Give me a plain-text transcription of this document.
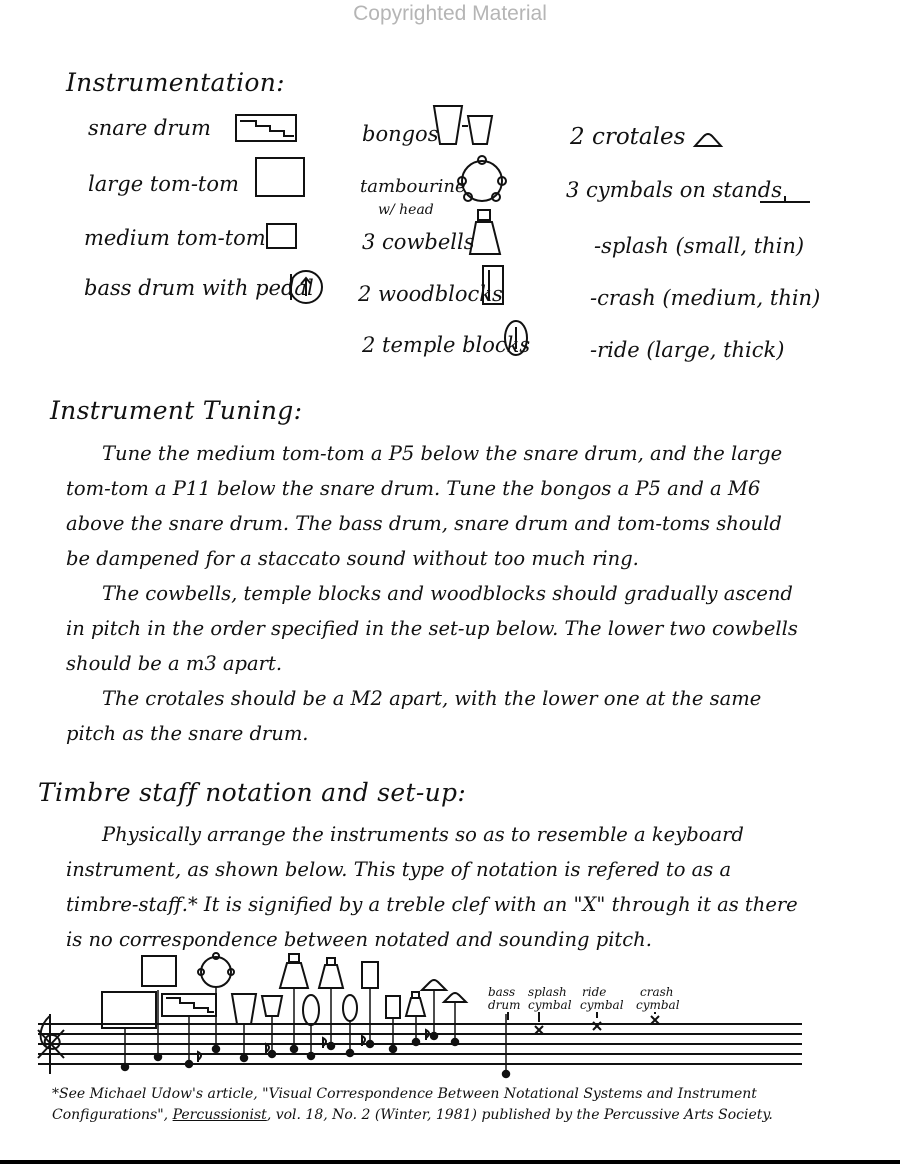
Copyrighted Material
Instrumentation:
snare drum
large tom-tom
medium tom-tom
bass drum with pedal
bongos
tambourine
w/ head
3 cowbells
2 woodblocks
2 temple blocks
2 crotales
3 cymbals on stands
-splash (small, thin)
-crash (medium, thin)
-ride (large, thick)
Instrument Tuning:

Tune the medium tom-tom a P5 below the snare drum, and the large tom-tom a P11 below the snare drum. Tune the bongos a P5 and a M6 above the snare drum. The bass drum, snare drum and tom-toms should be dampened for a staccato sound without too much ring.

The cowbells, temple blocks and woodblocks should gradually ascend in pitch in the order specified in the set-up below. The lower two cowbells should be a m3 apart.

The crotales should be a M2 apart, with the lower one at the same pitch as the snare drum.

Timbre staff notation and set-up:

Physically arrange the instruments so as to resemble a keyboard instrument, as shown below. This type of notation is refered to as a timbre-staff.* It is signified by a treble clef with an "X" through it as there is no correspondence between notated and sounding pitch.

bass
drum
splash
cymbal
ride
cymbal
crash
cymbal

*See Michael Udow's article, "Visual Correspondence Between Notational Systems and Instrument

Configurations", Percussionist, vol. 18, No. 2 (Winter, 1981) published by the Percussive Arts Society.
